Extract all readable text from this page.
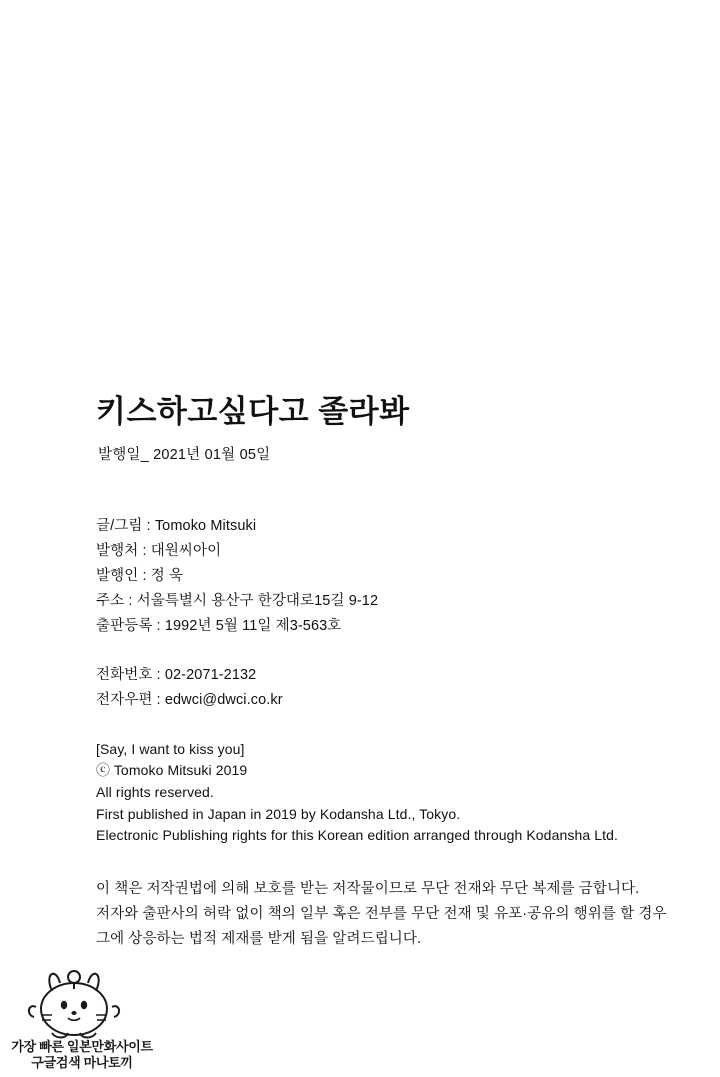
키스하고싶다고 졸라봐
발행일_ 2021년 01월 05일
글/그림 : Tomoko Mitsuki
발행처 : 대원씨아이
발행인 : 정 욱
주소 : 서울특별시 용산구 한강대로15길 9-12
출판등록 : 1992년 5월 11일 제3-563호
전화번호 : 02-2071-2132
전자우편 : edwci@dwci.co.kr
[Say, I want to kiss you]
ⓒ Tomoko Mitsuki 2019
All rights reserved.
First published in Japan in 2019 by Kodansha Ltd., Tokyo.
Electronic Publishing rights for this Korean edition arranged through Kodansha Ltd.
이 책은 저작권법에 의해 보호를 받는 저작물이므로 무단 전재와 무단 복제를 금합니다.
저자와 출판사의 허락 없이 책의 일부 혹은 전부를 무단 전재 및 유포·공유의 행위를 할 경우
그에 상응하는 법적 제재를 받게 됨을 알려드립니다.
가장 빠른 일본만화사이트
구글검색 마나토끼
